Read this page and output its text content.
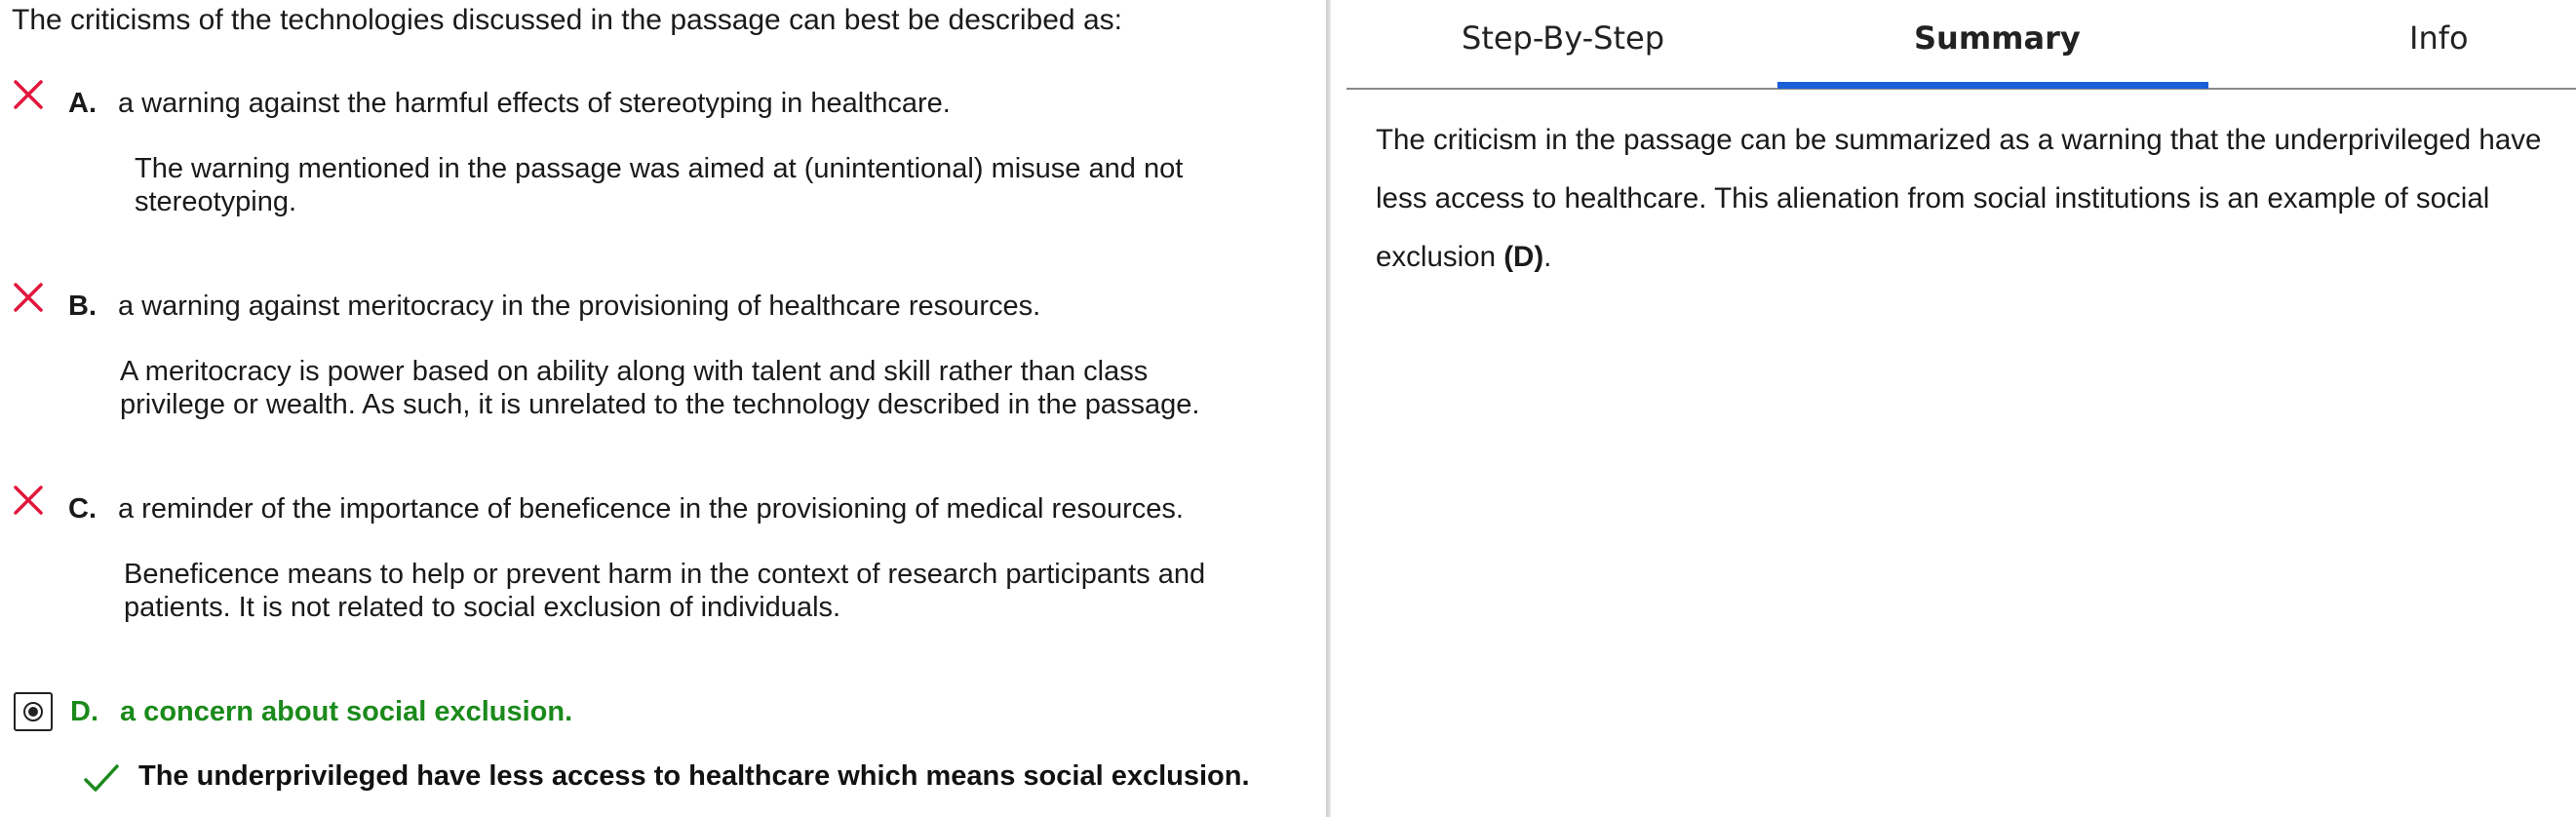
The criticisms of the technologies discussed in the passage can best be described as:
A. a warning against the harmful effects of stereotyping in healthcare.
The warning mentioned in the passage was aimed at (unintentional) misuse and not
stereotyping.
B. a warning against meritocracy in the provisioning of healthcare resources.
A meritocracy is power based on ability along with talent and skill rather than class
privilege or wealth. As such, it is unrelated to the technology described in the passage.
C. a reminder of the importance of beneficence in the provisioning of medical resources.
Beneficence means to help or prevent harm in the context of research participants and
patients. It is not related to social exclusion of individuals.
D. a concern about social exclusion.
The underprivileged have less access to healthcare which means social exclusion.
Step-By-Step	Summary	Info
The criticism in the passage can be summarized as a warning that the underprivileged have less access to healthcare. This alienation from social institutions is an example of social exclusion (D).
